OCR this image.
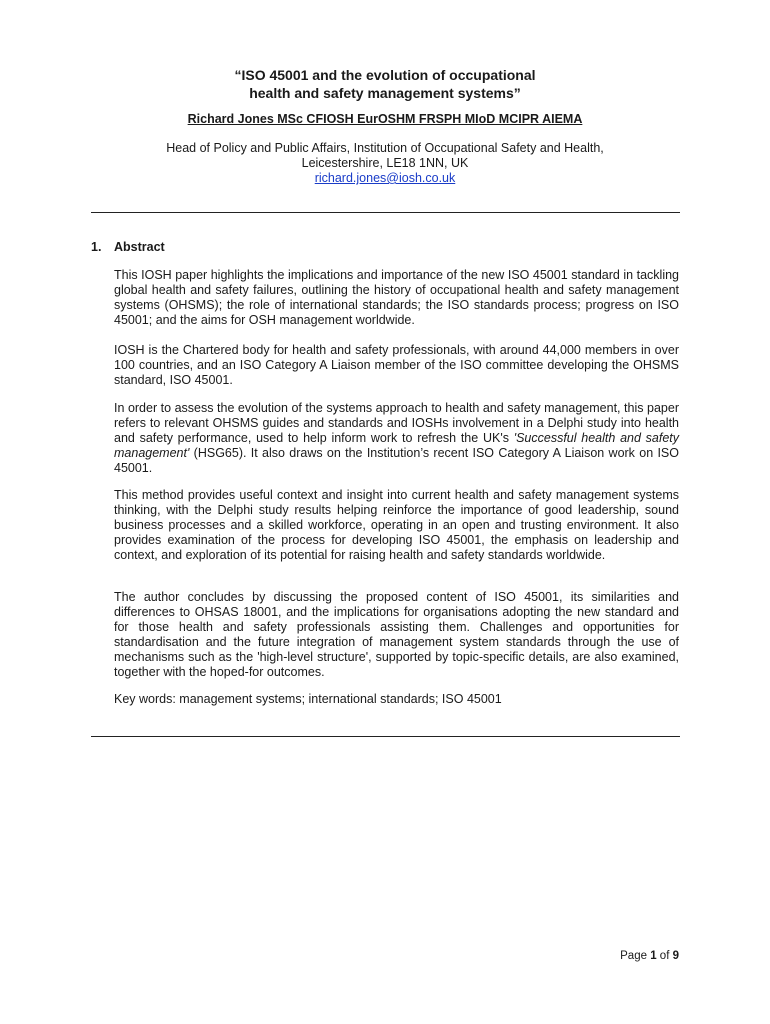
“ISO 45001 and the evolution of occupational
health and safety management systems”
Richard Jones MSc CFIOSH EurOSHM FRSPH MIoD MCIPR AIEMA
Head of Policy and Public Affairs, Institution of Occupational Safety and Health,
Leicestershire, LE18 1NN, UK
richard.jones@iosh.co.uk
1. Abstract
This IOSH paper highlights the implications and importance of the new ISO 45001 standard in tackling global health and safety failures, outlining the history of occupational health and safety management systems (OHSMS); the role of international standards; the ISO standards process; progress on ISO 45001; and the aims for OSH management worldwide.
IOSH is the Chartered body for health and safety professionals, with around 44,000 members in over 100 countries, and an ISO Category A Liaison member of the ISO committee developing the OHSMS standard, ISO 45001.
In order to assess the evolution of the systems approach to health and safety management, this paper refers to relevant OHSMS guides and standards and IOSHs involvement in a Delphi study into health and safety performance, used to help inform work to refresh the UK's 'Successful health and safety management' (HSG65). It also draws on the Institution’s recent ISO Category A Liaison work on ISO 45001.
This method provides useful context and insight into current health and safety management systems thinking, with the Delphi study results helping reinforce the importance of good leadership, sound business processes and a skilled workforce, operating in an open and trusting environment. It also provides examination of the process for developing ISO 45001, the emphasis on leadership and context, and exploration of its potential for raising health and safety standards worldwide.
The author concludes by discussing the proposed content of ISO 45001, its similarities and differences to OHSAS 18001, and the implications for organisations adopting the new standard and for those health and safety professionals assisting them. Challenges and opportunities for standardisation and the future integration of management system standards through the use of mechanisms such as the 'high-level structure', supported by topic-specific details, are also examined, together with the hoped-for outcomes.
Key words: management systems; international standards; ISO 45001
Page 1 of 9
